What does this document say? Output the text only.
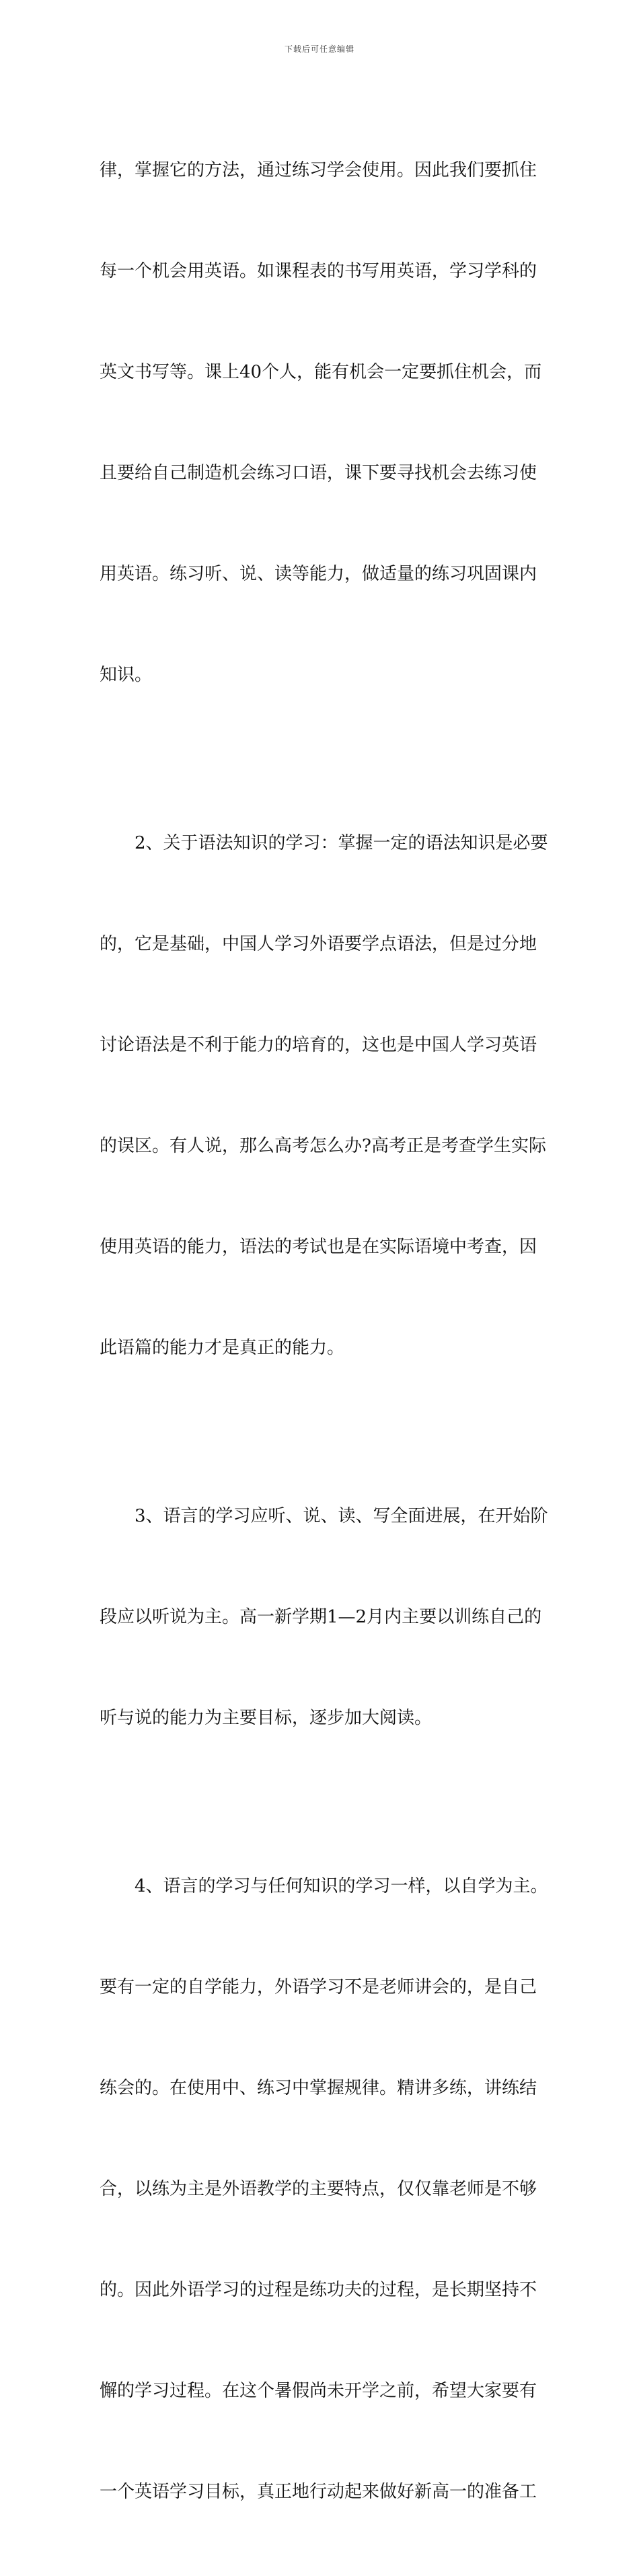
下载后可任意编辑

律，掌握它的方法，通过练习学会使用。因此我们要抓住

每一个机会用英语。如课程表的书写用英语，学习学科的

英文书写等。课上40个人，能有机会一定要抓住机会，而

且要给自己制造机会练习口语，课下要寻找机会去练习使

用英语。练习听、说、读等能力，做适量的练习巩固课内

知识。

2、关于语法知识的学习：掌握一定的语法知识是必要

的，它是基础，中国人学习外语要学点语法，但是过分地

讨论语法是不利于能力的培育的，这也是中国人学习英语

的误区。有人说，那么高考怎么办?高考正是考查学生实际

使用英语的能力，语法的考试也是在实际语境中考查，因

此语篇的能力才是真正的能力。

3、语言的学习应听、说、读、写全面进展，在开始阶

段应以听说为主。高一新学期1—2月内主要以训练自己的

听与说的能力为主要目标，逐步加大阅读。

4、语言的学习与任何知识的学习一样，以自学为主。

要有一定的自学能力，外语学习不是老师讲会的，是自己

练会的。在使用中、练习中掌握规律。精讲多练，讲练结

合，以练为主是外语教学的主要特点，仅仅靠老师是不够

的。因此外语学习的过程是练功夫的过程，是长期坚持不

懈的学习过程。在这个暑假尚未开学之前，希望大家要有

一个英语学习目标，真正地行动起来做好新高一的准备工
